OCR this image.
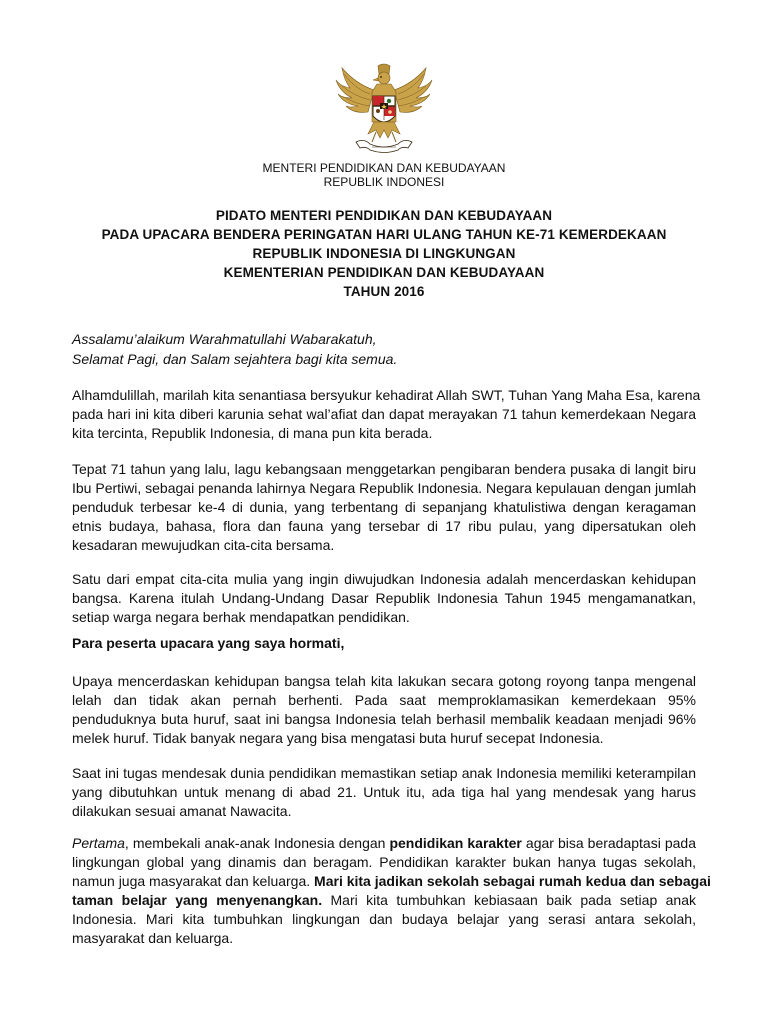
MENTERI PENDIDIKAN DAN KEBUDAYAAN
REPUBLIK INDONESI
PIDATO MENTERI PENDIDIKAN DAN KEBUDAYAAN
PADA UPACARA BENDERA PERINGATAN HARI ULANG TAHUN KE-71 KEMERDEKAAN
REPUBLIK INDONESIA DI LINGKUNGAN
KEMENTERIAN PENDIDIKAN DAN KEBUDAYAAN
TAHUN 2016
Assalamu’alaikum Warahmatullahi Wabarakatuh,
Selamat Pagi, dan Salam sejahtera bagi kita semua.
Alhamdulillah, marilah kita senantiasa bersyukur kehadirat Allah SWT, Tuhan Yang Maha Esa, karena
pada hari ini kita diberi karunia sehat wal’afiat dan dapat merayakan 71 tahun kemerdekaan Negara
kita tercinta, Republik Indonesia, di mana pun kita berada.
Tepat 71 tahun yang lalu, lagu kebangsaan menggetarkan pengibaran bendera pusaka di langit biru
Ibu Pertiwi, sebagai penanda lahirnya Negara Republik Indonesia. Negara kepulauan dengan jumlah
penduduk terbesar ke-4 di dunia, yang terbentang di sepanjang khatulistiwa dengan keragaman
etnis budaya, bahasa, flora dan fauna yang tersebar di 17 ribu pulau, yang dipersatukan oleh
kesadaran mewujudkan cita-cita bersama.
Satu dari empat cita-cita mulia yang ingin diwujudkan Indonesia adalah mencerdaskan kehidupan
bangsa. Karena itulah Undang-Undang Dasar Republik Indonesia Tahun 1945 mengamanatkan,
setiap warga negara berhak mendapatkan pendidikan.
Para peserta upacara yang saya hormati,
Upaya mencerdaskan kehidupan bangsa telah kita lakukan secara gotong royong tanpa mengenal
lelah dan tidak akan pernah berhenti. Pada saat memproklamasikan kemerdekaan 95%
penduduknya buta huruf, saat ini bangsa Indonesia telah berhasil membalik keadaan menjadi 96%
melek huruf. Tidak banyak negara yang bisa mengatasi buta huruf secepat Indonesia.
Saat ini tugas mendesak dunia pendidikan memastikan setiap anak Indonesia memiliki keterampilan
yang dibutuhkan untuk menang di abad 21. Untuk itu, ada tiga hal yang mendesak yang harus
dilakukan sesuai amanat Nawacita.
Pertama, membekali anak-anak Indonesia dengan pendidikan karakter agar bisa beradaptasi pada
lingkungan global yang dinamis dan beragam. Pendidikan karakter bukan hanya tugas sekolah,
namun juga masyarakat dan keluarga. Mari kita jadikan sekolah sebagai rumah kedua dan sebagai
taman belajar yang menyenangkan. Mari kita tumbuhkan kebiasaan baik pada setiap anak
Indonesia. Mari kita tumbuhkan lingkungan dan budaya belajar yang serasi antara sekolah,
masyarakat dan keluarga.
